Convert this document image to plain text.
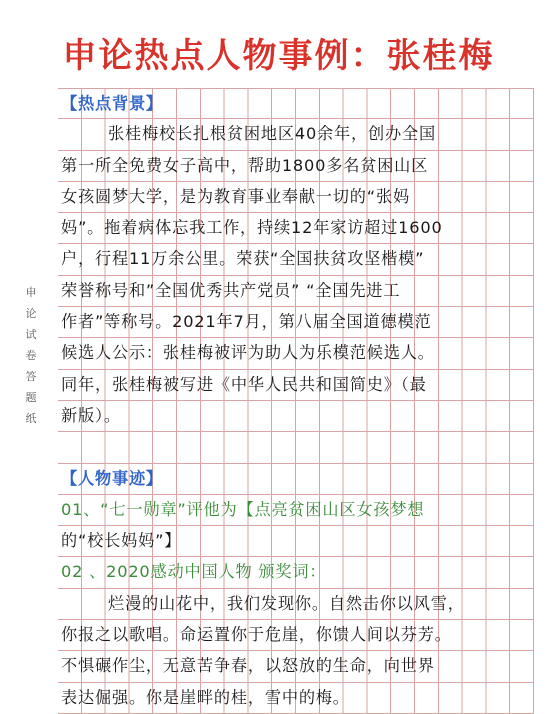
申论热点人物事例：张桂梅
申
论
试
卷
答
题
纸
【热点背景】
张桂梅校长扎根贫困地区40余年，创办全国
第一所全免费女子高中，帮助1800多名贫困山区
女孩圆梦大学，是为教育事业奉献一切的“张妈
妈”。拖着病体忘我工作，持续12年家访超过1600
户，行程11万余公里。荣获“全国扶贫攻坚楷模”
荣誉称号和”全国优秀共产党员” “全国先进工
作者”等称号。2021年7月，第八届全国道德模范
候选人公示：张桂梅被评为助人为乐模范候选人。
同年，张桂梅被写进《中华人民共和国简史》（最
新版）。
【人物事迹】
01、“七一勋章”评他为【点亮贫困山区女孩梦想
的“校长妈妈”】
02 、2020感动中国人物 颁奖词：
烂漫的山花中，我们发现你。自然击你以风雪，
你报之以歌唱。命运置你于危崖，你馈人间以芬芳。
不惧碾作尘，无意苦争春，以怒放的生命，向世界
表达倔强。你是崖畔的桂，雪中的梅。
